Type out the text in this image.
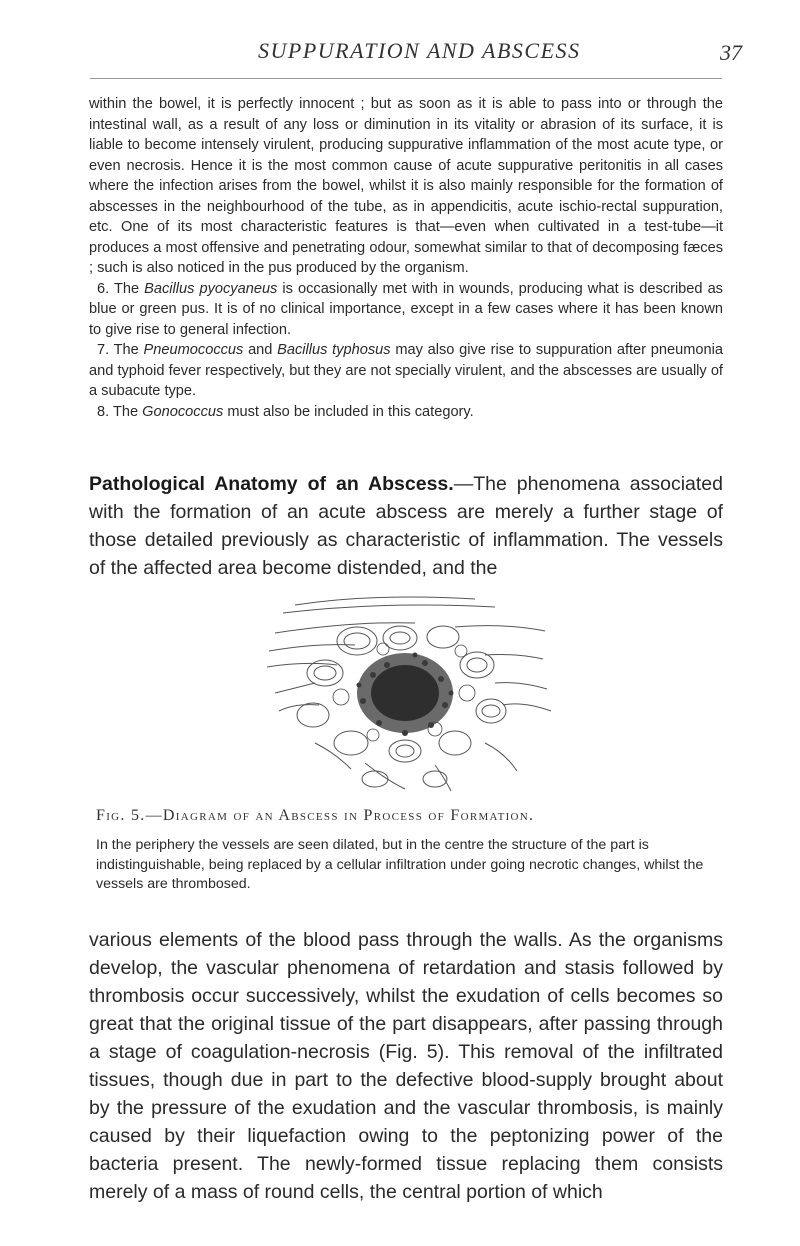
SUPPURATION AND ABSCESS	37

within the bowel, it is perfectly innocent ; but as soon as it is able to pass into or through the intestinal wall, as a result of any loss or diminution in its vitality or abrasion of its surface, it is liable to become intensely virulent, producing suppurative inflammation of the most acute type, or even necrosis. Hence it is the most common cause of acute suppurative peritonitis in all cases where the infection arises from the bowel, whilst it is also mainly responsible for the formation of abscesses in the neighbourhood of the tube, as in appendicitis, acute ischio-rectal suppuration, etc. One of its most characteristic features is that—even when cultivated in a test-tube—it produces a most offensive and penetrating odour, somewhat similar to that of decomposing fæces ; such is also noticed in the pus produced by the organism.

6. The Bacillus pyocyaneus is occasionally met with in wounds, producing what is described as blue or green pus. It is of no clinical importance, except in a few cases where it has been known to give rise to general infection.

7. The Pneumococcus and Bacillus typhosus may also give rise to suppuration after pneumonia and typhoid fever respectively, but they are not specially virulent, and the abscesses are usually of a subacute type.

8. The Gonococcus must also be included in this category.

Pathological Anatomy of an Abscess.—The phenomena associated with the formation of an acute abscess are merely a further stage of those detailed previously as characteristic of inflammation. The vessels of the affected area become distended, and the
Fig. 5.—Diagram of an Abscess in Process of Formation.

In the periphery the vessels are seen dilated, but in the centre the structure of the part is indistinguishable, being replaced by a cellular infiltration under going necrotic changes, whilst the vessels are thrombosed.

various elements of the blood pass through the walls. As the organisms develop, the vascular phenomena of retardation and stasis followed by thrombosis occur successively, whilst the exudation of cells becomes so great that the original tissue of the part disappears, after passing through a stage of coagulation-necrosis (Fig. 5). This removal of the infiltrated tissues, though due in part to the defective blood-supply brought about by the pressure of the exudation and the vascular thrombosis, is mainly caused by their liquefaction owing to the peptonizing power of the bacteria present. The newly-formed tissue replacing them consists merely of a mass of round cells, the central portion of which
